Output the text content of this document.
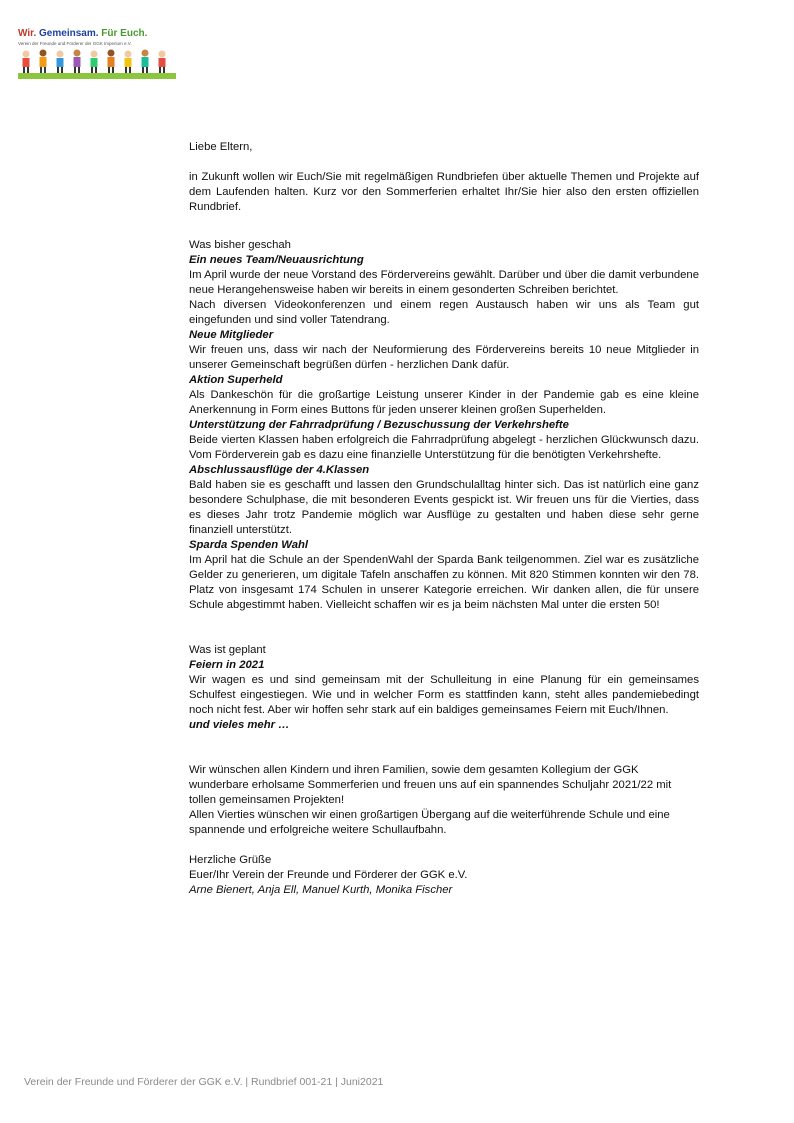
Wir. Gemeinsam. Für Euch.
Verein der Freunde und Förderer der GGK Imperium e.V.

Liebe Eltern,

in Zukunft wollen wir Euch/Sie mit regelmäßigen Rundbriefen über aktuelle Themen und Projekte auf dem Laufenden halten. Kurz vor den Sommerferien erhaltet Ihr/Sie hier also den ersten offiziellen Rundbrief.

Was bisher geschah

Ein neues Team/Neuausrichtung

Im April wurde der neue Vorstand des Fördervereins gewählt. Darüber und über die damit verbundene neue Herangehensweise haben wir bereits in einem gesonderten Schreiben berichtet.

Nach diversen Videokonferenzen und einem regen Austausch haben wir uns als Team gut eingefunden und sind voller Tatendrang.

Neue Mitglieder

Wir freuen uns, dass wir nach der Neuformierung des Fördervereins bereits 10 neue Mitglieder in unserer Gemeinschaft begrüßen dürfen - herzlichen Dank dafür.

Aktion Superheld

Als Dankeschön für die großartige Leistung unserer Kinder in der Pandemie gab es eine kleine Anerkennung in Form eines Buttons für jeden unserer kleinen großen Superhelden.

Unterstützung der Fahrradprüfung / Bezuschussung der Verkehrshefte

Beide vierten Klassen haben erfolgreich die Fahrradprüfung abgelegt - herzlichen Glückwunsch dazu. Vom Förderverein gab es dazu eine finanzielle Unterstützung für die benötigten Verkehrshefte.

Abschlussausflüge der 4.Klassen

Bald haben sie es geschafft und lassen den Grundschulalltag hinter sich. Das ist natürlich eine ganz besondere Schulphase, die mit besonderen Events gespickt ist. Wir freuen uns für die Vierties, dass es dieses Jahr trotz Pandemie möglich war Ausflüge zu gestalten und haben diese sehr gerne finanziell unterstützt.

Sparda Spenden Wahl

Im April hat die Schule an der SpendenWahl der Sparda Bank teilgenommen. Ziel war es zusätzliche Gelder zu generieren, um digitale Tafeln anschaffen zu können. Mit 820 Stimmen konnten wir den 78. Platz von insgesamt 174 Schulen in unserer Kategorie erreichen. Wir danken allen, die für unsere Schule abgestimmt haben. Vielleicht schaffen wir es ja beim nächsten Mal unter die ersten 50!

Was ist geplant

Feiern in 2021

Wir wagen es und sind gemeinsam mit der Schulleitung in eine Planung für ein gemeinsames Schulfest eingestiegen. Wie und in welcher Form es stattfinden kann, steht alles pandemiebedingt noch nicht fest. Aber wir hoffen sehr stark auf ein baldiges gemeinsames Feiern mit Euch/Ihnen.

und vieles mehr …

Wir wünschen allen Kindern und ihren Familien, sowie dem gesamten Kollegium der GGK wunderbare erholsame Sommerferien und freuen uns auf ein spannendes Schuljahr 2021/22 mit tollen gemeinsamen Projekten!

Allen Vierties wünschen wir einen großartigen Übergang auf die weiterführende Schule und eine spannende und erfolgreiche weitere Schullaufbahn.

Herzliche Grüße

Euer/Ihr Verein der Freunde und Förderer der GGK e.V.

Arne Bienert, Anja Ell, Manuel Kurth, Monika Fischer

Verein der Freunde und Förderer der GGK e.V. | Rundbrief 001-21 | Juni2021
